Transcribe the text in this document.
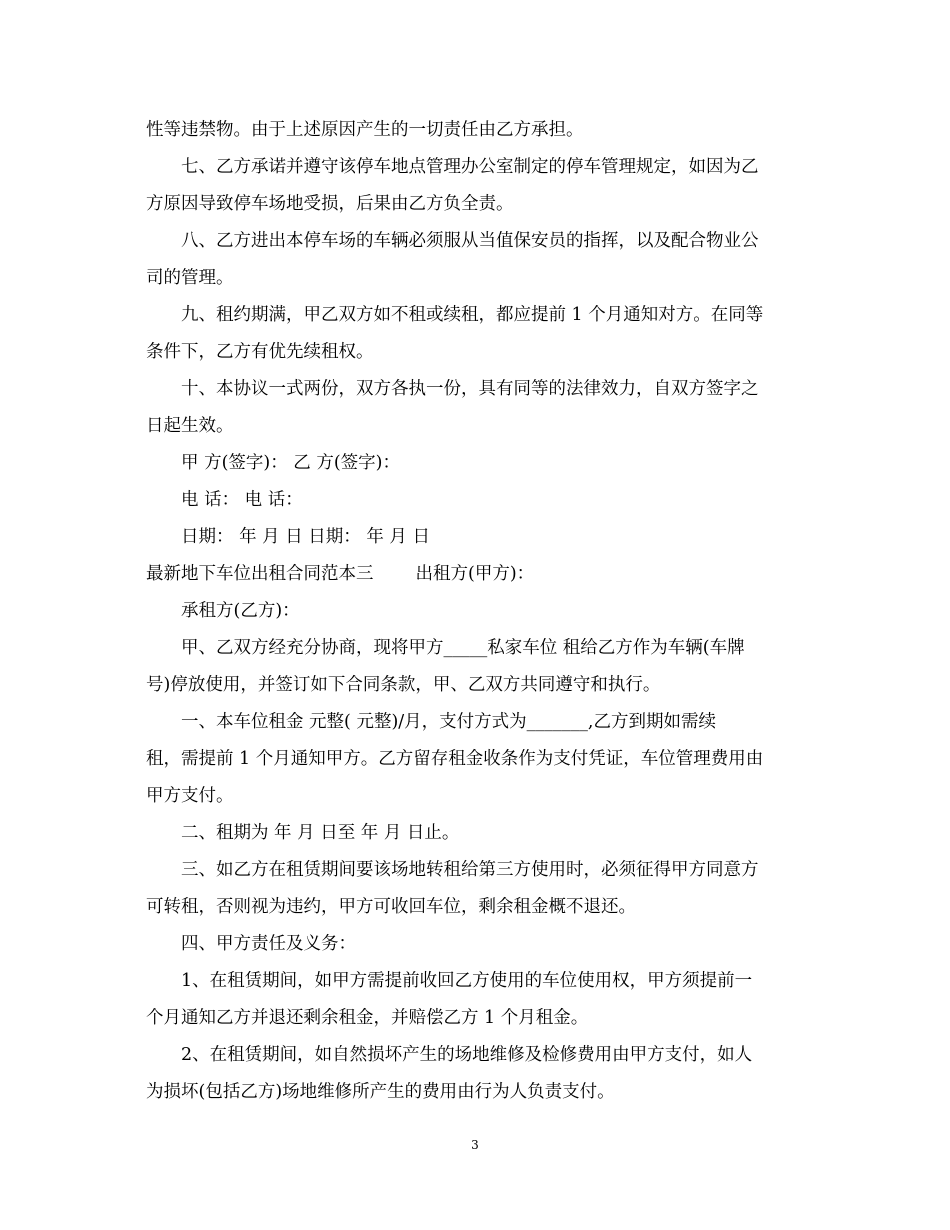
性等违禁物。由于上述原因产生的一切责任由乙方承担。
七、乙方承诺并遵守该停车地点管理办公室制定的停车管理规定，如因为乙
方原因导致停车场地受损，后果由乙方负全责。
八、乙方进出本停车场的车辆必须服从当值保安员的指挥，以及配合物业公
司的管理。
九、租约期满，甲乙双方如不租或续租，都应提前 1 个月通知对方。在同等
条件下，乙方有优先续租权。
十、本协议一式两份，双方各执一份，具有同等的法律效力，自双方签字之
日起生效。
甲 方(签字)： 乙 方(签字)：
电 话： 电 话：
日期： 年 月 日 日期： 年 月 日
最新地下车位出租合同范本三 出租方(甲方)：
承租方(乙方)：
甲、乙双方经充分协商，现将甲方_____私家车位 租给乙方作为车辆(车牌
号)停放使用，并签订如下合同条款，甲、乙双方共同遵守和执行。
一、本车位租金 元整( 元整)/月，支付方式为_______,乙方到期如需续
租，需提前 1 个月通知甲方。乙方留存租金收条作为支付凭证，车位管理费用由
甲方支付。
二、租期为 年 月 日至 年 月 日止。
三、如乙方在租赁期间要该场地转租给第三方使用时，必须征得甲方同意方
可转租，否则视为违约，甲方可收回车位，剩余租金概不退还。
四、甲方责任及义务：
1、在租赁期间，如甲方需提前收回乙方使用的车位使用权，甲方须提前一
个月通知乙方并退还剩余租金，并赔偿乙方 1 个月租金。
2、在租赁期间，如自然损坏产生的场地维修及检修费用由甲方支付，如人
为损坏(包括乙方)场地维修所产生的费用由行为人负责支付。
3
